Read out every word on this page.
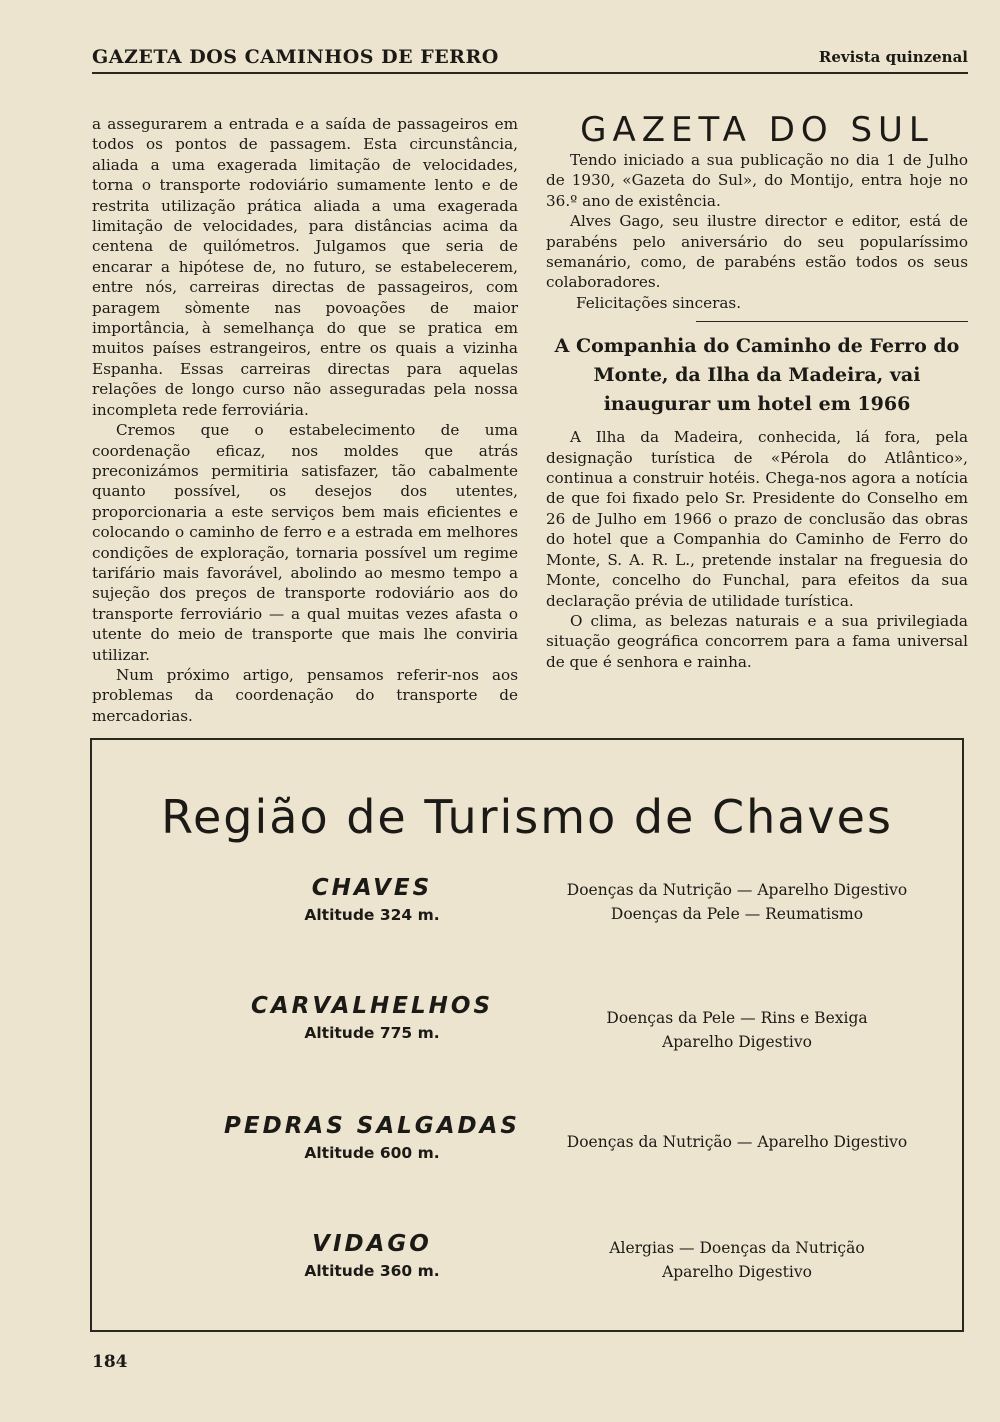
GAZETA DOS CAMINHOS DE FERRO	Revista quinzenal

a assegurarem a entrada e a saída de passageiros em todos os pontos de passagem. Esta circunstância, aliada a uma exagerada limitação de velocidades, torna o transporte rodoviário sumamente lento e de restrita utilização prática aliada a uma exagerada limitação de velocidades, para distâncias acima da centena de quilómetros. Julgamos que seria de encarar a hipótese de, no futuro, se estabelecerem, entre nós, carreiras directas de passageiros, com paragem sòmente nas povoações de maior importância, à semelhança do que se pratica em muitos países estrangeiros, entre os quais a vizinha Espanha. Essas carreiras directas para aquelas relações de longo curso não asseguradas pela nossa incompleta rede ferroviária.

Cremos que o estabelecimento de uma coordenação eficaz, nos moldes que atrás preconizámos permitiria satisfazer, tão cabalmente quanto possível, os desejos dos utentes, proporcionaria a este serviços bem mais eficientes e colocando o caminho de ferro e a estrada em melhores condições de exploração, tornaria possível um regime tarifário mais favorável, abolindo ao mesmo tempo a sujeção dos preços de transporte rodoviário aos do transporte ferroviário — a qual muitas vezes afasta o utente do meio de transporte que mais lhe conviria utilizar.

Num próximo artigo, pensamos referir-nos aos problemas da coordenação do transporte de mercadorias.

GAZETA DO SUL

Tendo iniciado a sua publicação no dia 1 de Julho de 1930, «Gazeta do Sul», do Montijo, entra hoje no 36.º ano de existência.

Alves Gago, seu ilustre director e editor, está de parabéns pelo aniversário do seu popularíssimo semanário, como, de parabéns estão todos os seus colaboradores.

Felicitações sinceras.

A Companhia do Caminho de Ferro do Monte, da Ilha da Madeira, vai inaugurar um hotel em 1966

A Ilha da Madeira, conhecida, lá fora, pela designação turística de «Pérola do Atlântico», continua a construir hotéis. Chega-nos agora a notícia de que foi fixado pelo Sr. Presidente do Conselho em 26 de Julho em 1966 o prazo de conclusão das obras do hotel que a Companhia do Caminho de Ferro do Monte, S. A. R. L., pretende instalar na freguesia do Monte, concelho do Funchal, para efeitos da sua declaração prévia de utilidade turística.

O clima, as belezas naturais e a sua privilegiada situação geográfica concorrem para a fama universal de que é senhora e rainha.

Região de Turismo de Chaves
CHAVES
Altitude 324 m.
Doenças da Nutrição — Aparelho Digestivo
Doenças da Pele — Reumatismo
CARVALHELHOS
Altitude 775 m.
Doenças da Pele — Rins e Bexiga
Aparelho Digestivo
PEDRAS SALGADAS
Altitude 600 m.
Doenças da Nutrição — Aparelho Digestivo
VIDAGO
Altitude 360 m.
Alergias — Doenças da Nutrição
Aparelho Digestivo
184
